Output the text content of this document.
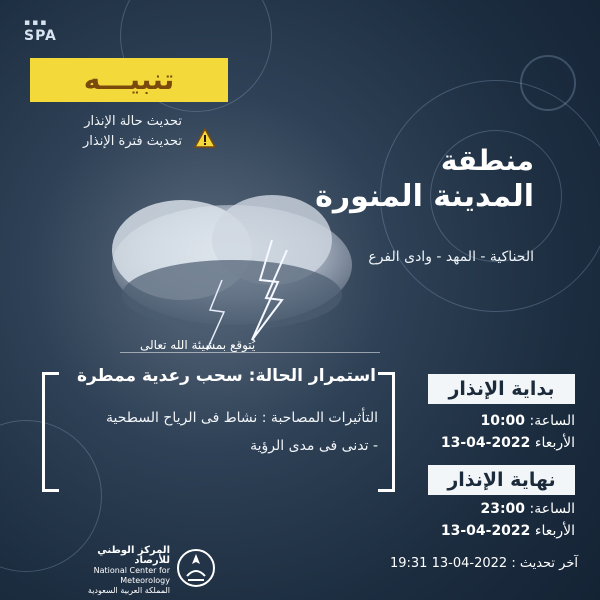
▪▪▪
SPA
تنبيـــه
تحديث حالة الإنذار
تحديث فترة الإنذار
منطقة
المدينة المنورة
الحناكية - المهد - وادى الفرع
يُتوقع بمشيئة الله تعالى
استمرار الحالة: سحب رعدية ممطرة
التأثيرات المصاحبة : نشاط فى الرياح السطحية
- تدنى فى مدى الرؤية
بداية الإنذار
الساعة: 10:00
الأربعاء 2022-04-13
نهاية الإنذار
الساعة: 23:00
الأربعاء 2022-04-13
آخر تحديث : 2022-04-13 19:31
المركز الوطني للأرصاد
National Center for Meteorology
المملكة العربية السعودية
